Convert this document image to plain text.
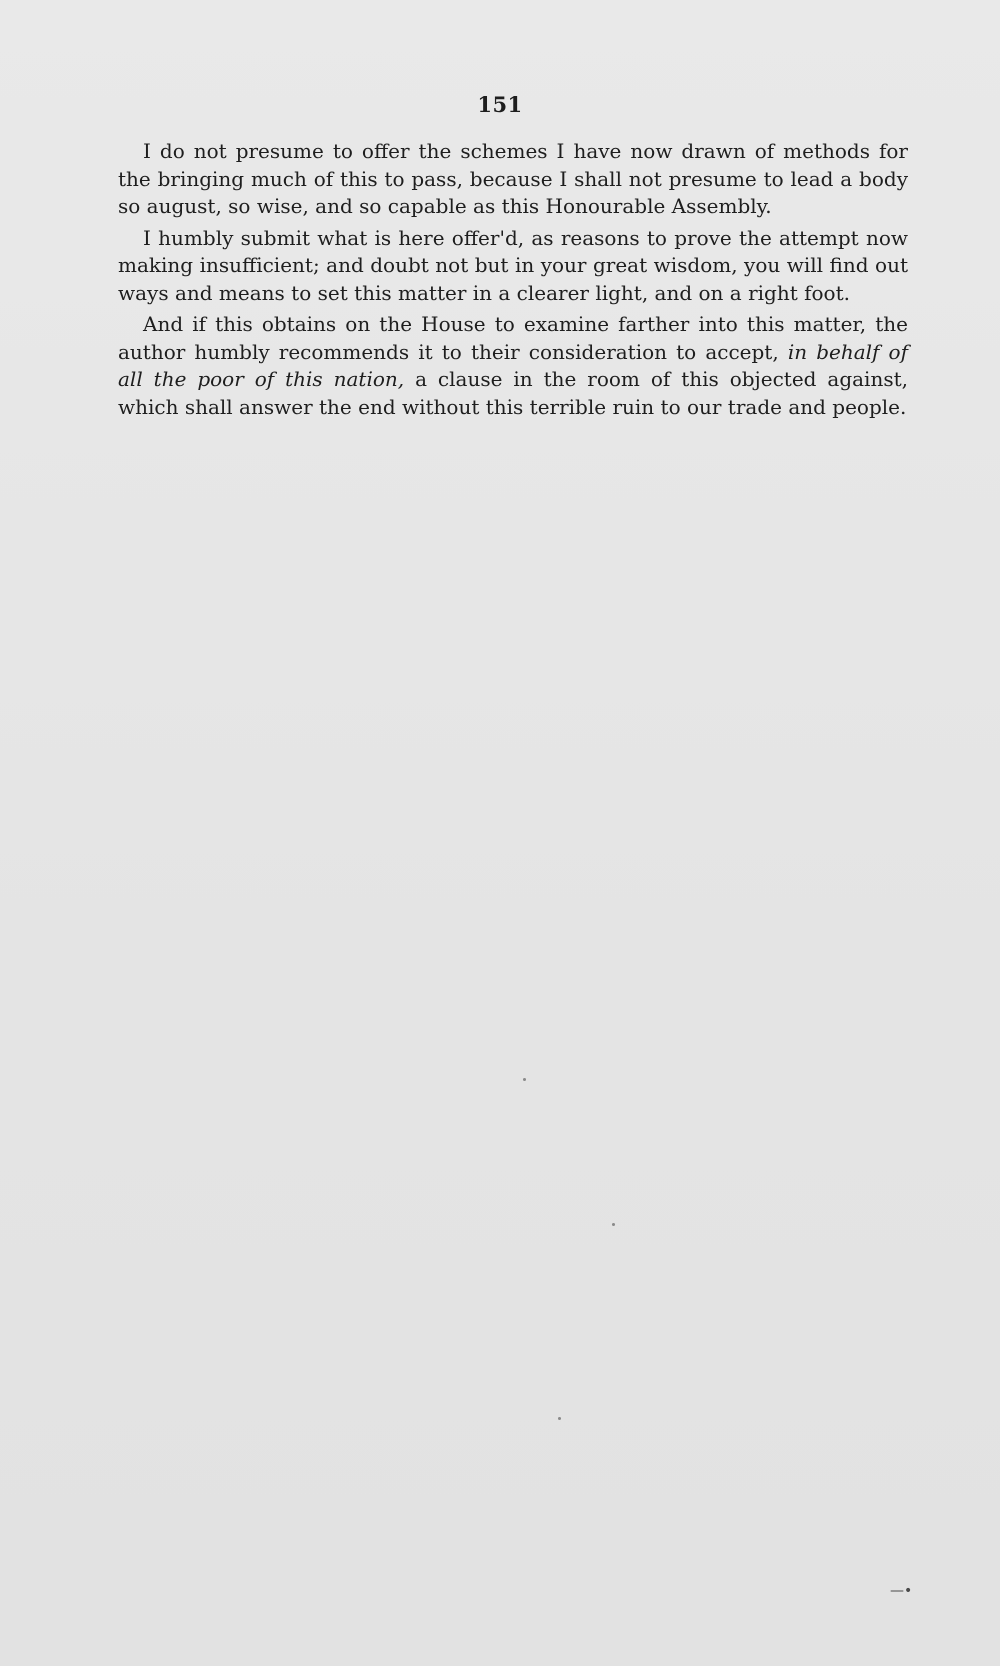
151

I do not presume to offer the schemes I have now drawn of methods for the bringing much of this to pass, because I shall not presume to lead a body so august, so wise, and so capable as this Honourable Assembly.

I humbly submit what is here offer'd, as reasons to prove the attempt now making insufficient; and doubt not but in your great wisdom, you will find out ways and means to set this matter in a clearer light, and on a right foot.

And if this obtains on the House to examine farther into this matter, the author humbly recommends it to their consideration to accept, in behalf of all the poor of this nation, a clause in the room of this objected against, which shall answer the end without this terrible ruin to our trade and people.

—•
